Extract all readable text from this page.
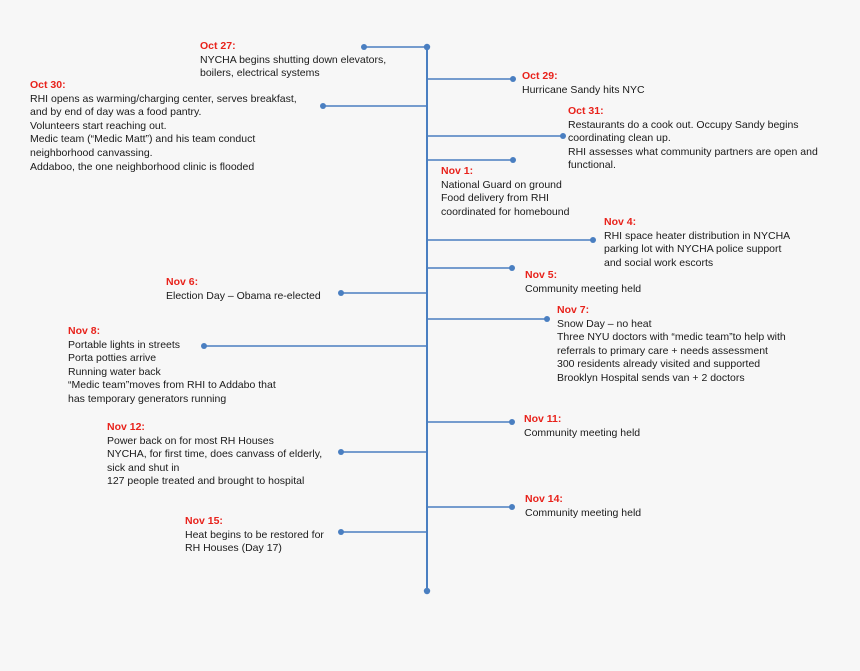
Oct 27:
NYCHA begins shutting down elevators,
boilers, electrical systems	Oct 29:
Hurricane Sandy hits NYC
Oct 30:
RHI opens as warming/charging center, serves breakfast,
and by end of day was a food pantry.
Volunteers start reaching out.
Medic team (“Medic Matt”) and his team conduct
neighborhood canvassing.
Addaboo, the one neighborhood clinic is flooded
Oct 31:
Restaurants do a cook out. Occupy Sandy begins
coordinating clean up.
RHI assesses what community partners are open and
functional.
Nov 1:
National Guard on ground
Food delivery from RHI
coordinated for homebound
Nov 4:
RHI space heater distribution in NYCHA
parking lot with NYCHA police support
and social work escorts
Nov 5:
Community meeting held
Nov 6:
Election Day – Obama re-elected
Nov 7:
Snow Day – no heat
Three NYU doctors with “medic team”to help with
referrals to primary care + needs assessment
300 residents already visited and supported
Brooklyn Hospital sends van + 2 doctors
Nov 8:
Portable lights in streets
Porta potties arrive
Running water back
“Medic team”moves from RHI to Addabo that
has temporary generators running
Nov 11:
Community meeting held
Nov 12:
Power back on for most RH Houses
NYCHA, for first time, does canvass of elderly,
sick and shut in
127 people treated and brought to hospital
Nov 14:
Community meeting held
Nov 15:
Heat begins to be restored for
RH Houses (Day 17)
